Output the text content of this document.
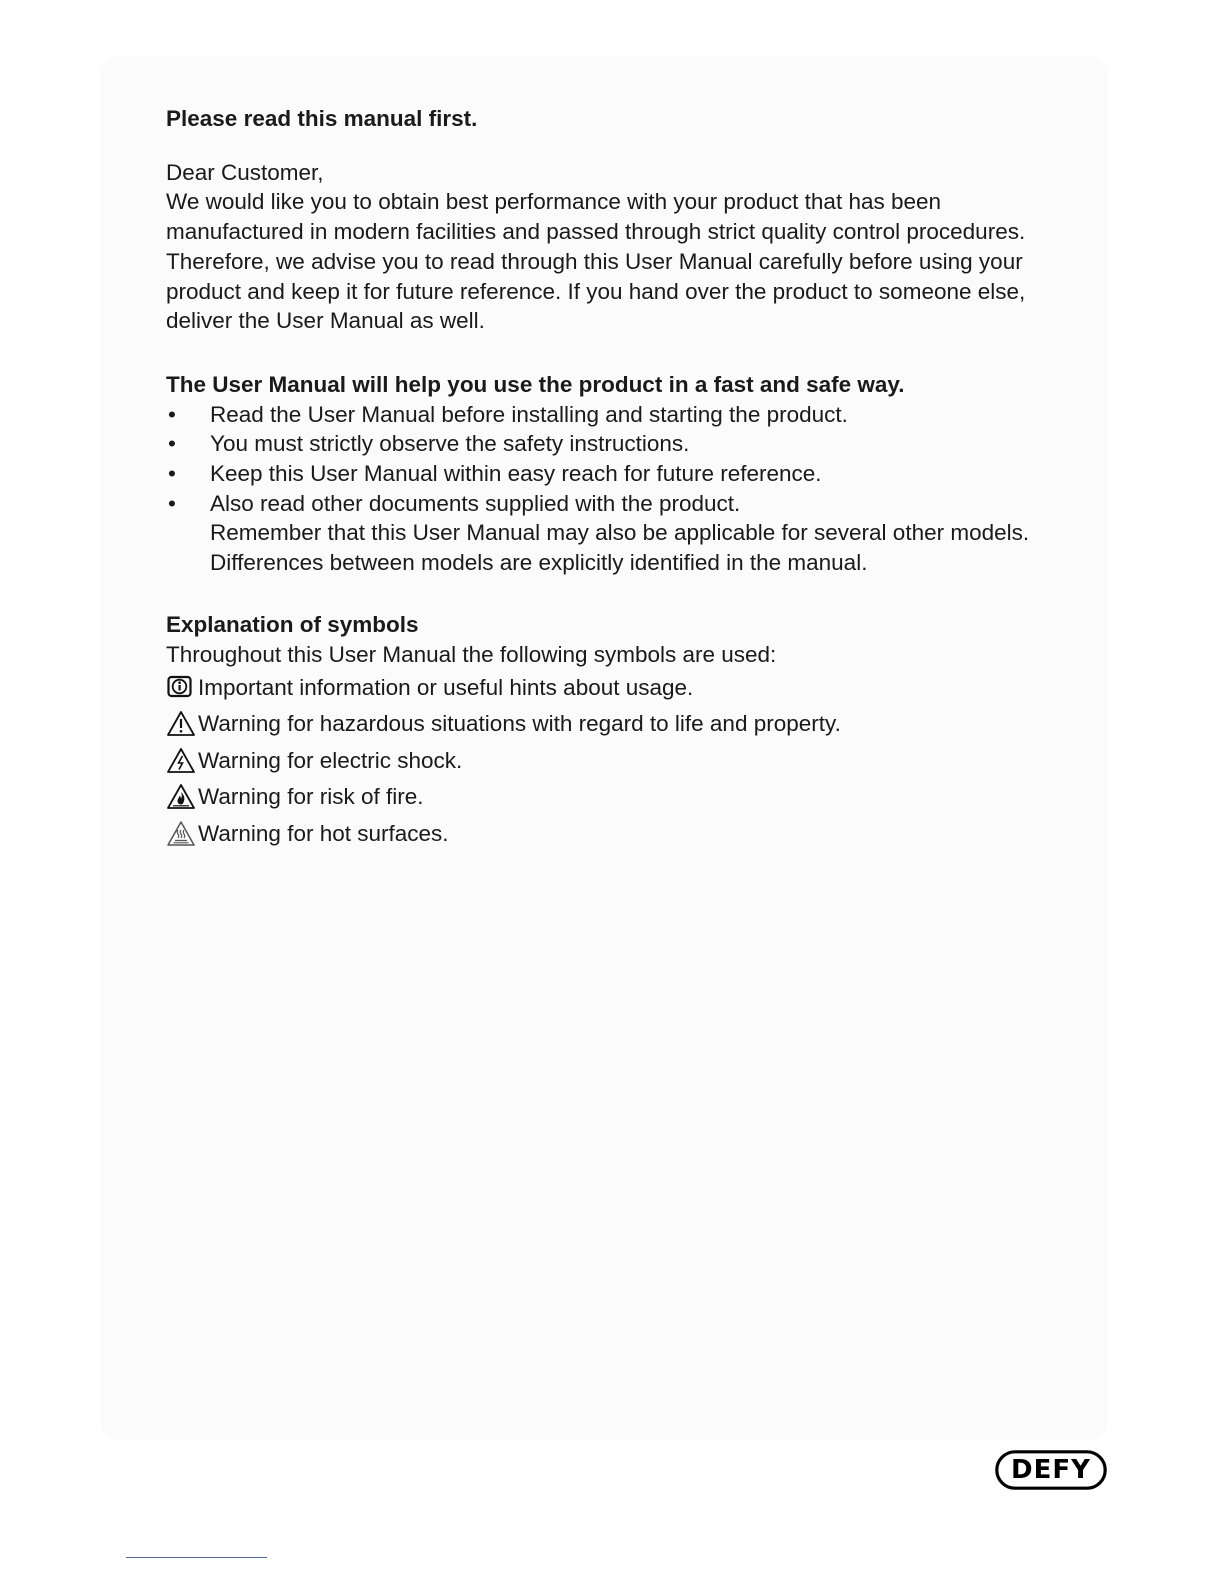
Please read this manual first.

Dear Customer,

We would like you to obtain best performance with your product that has been manufactured in modern facilities and passed through strict quality control procedures.

Therefore, we advise you to read through this User Manual carefully before using your product and keep it for future reference. If you hand over the product to someone else, deliver the User Manual as well.

The User Manual will help you use the product in a fast and safe way.

• Read the User Manual before installing and starting the product.
• You must strictly observe the safety instructions.
• Keep this User Manual within easy reach for future reference.
• Also read other documents supplied with the product.
Remember that this User Manual may also be applicable for several other models.
Differences between models are explicitly identified in the manual.

Explanation of symbols

Throughout this User Manual the following symbols are used:

Important information or useful hints about usage.
Warning for hazardous situations with regard to life and property.
Warning for electric shock.
Warning for risk of fire.
Warning for hot surfaces.
DEFY
